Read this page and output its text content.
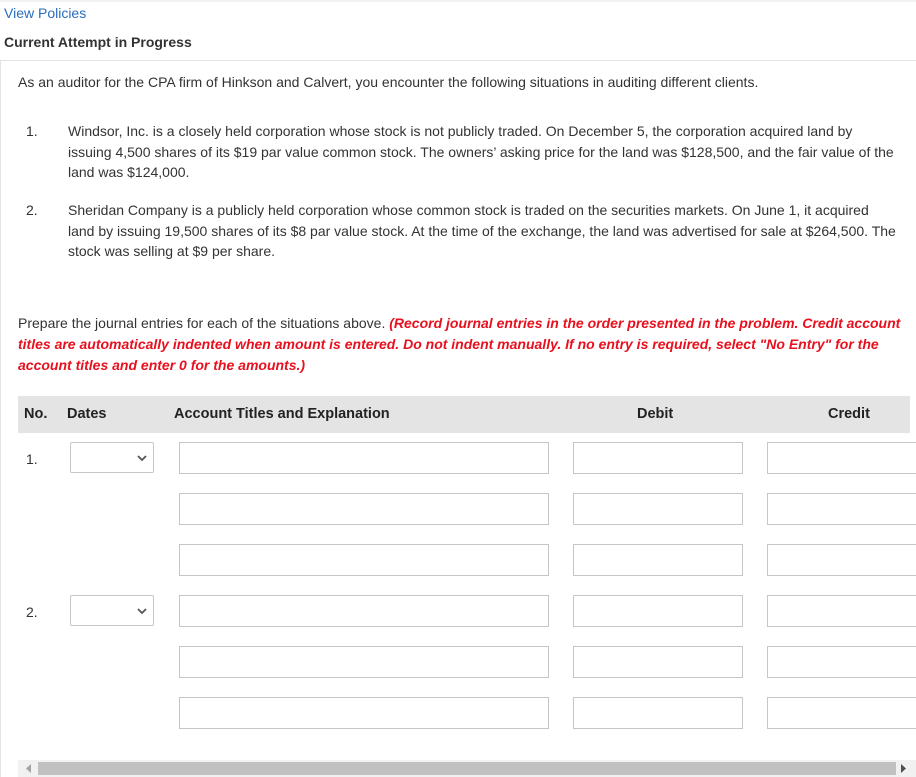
View Policies
Current Attempt in Progress
As an auditor for the CPA firm of Hinkson and Calvert, you encounter the following situations in auditing different clients.
1. Windsor, Inc. is a closely held corporation whose stock is not publicly traded. On December 5, the corporation acquired land by issuing 4,500 shares of its $19 par value common stock. The owners’ asking price for the land was $128,500, and the fair value of the land was $124,000.
2. Sheridan Company is a publicly held corporation whose common stock is traded on the securities markets. On June 1, it acquired land by issuing 19,500 shares of its $8 par value stock. At the time of the exchange, the land was advertised for sale at $264,500. The stock was selling at $9 per share.
Prepare the journal entries for each of the situations above. (Record journal entries in the order presented in the problem. Credit account titles are automatically indented when amount is entered. Do not indent manually. If no entry is required, select "No Entry" for the account titles and enter 0 for the amounts.)
No. Dates	Account Titles and Explanation	Debit	Credit
1.
2.
